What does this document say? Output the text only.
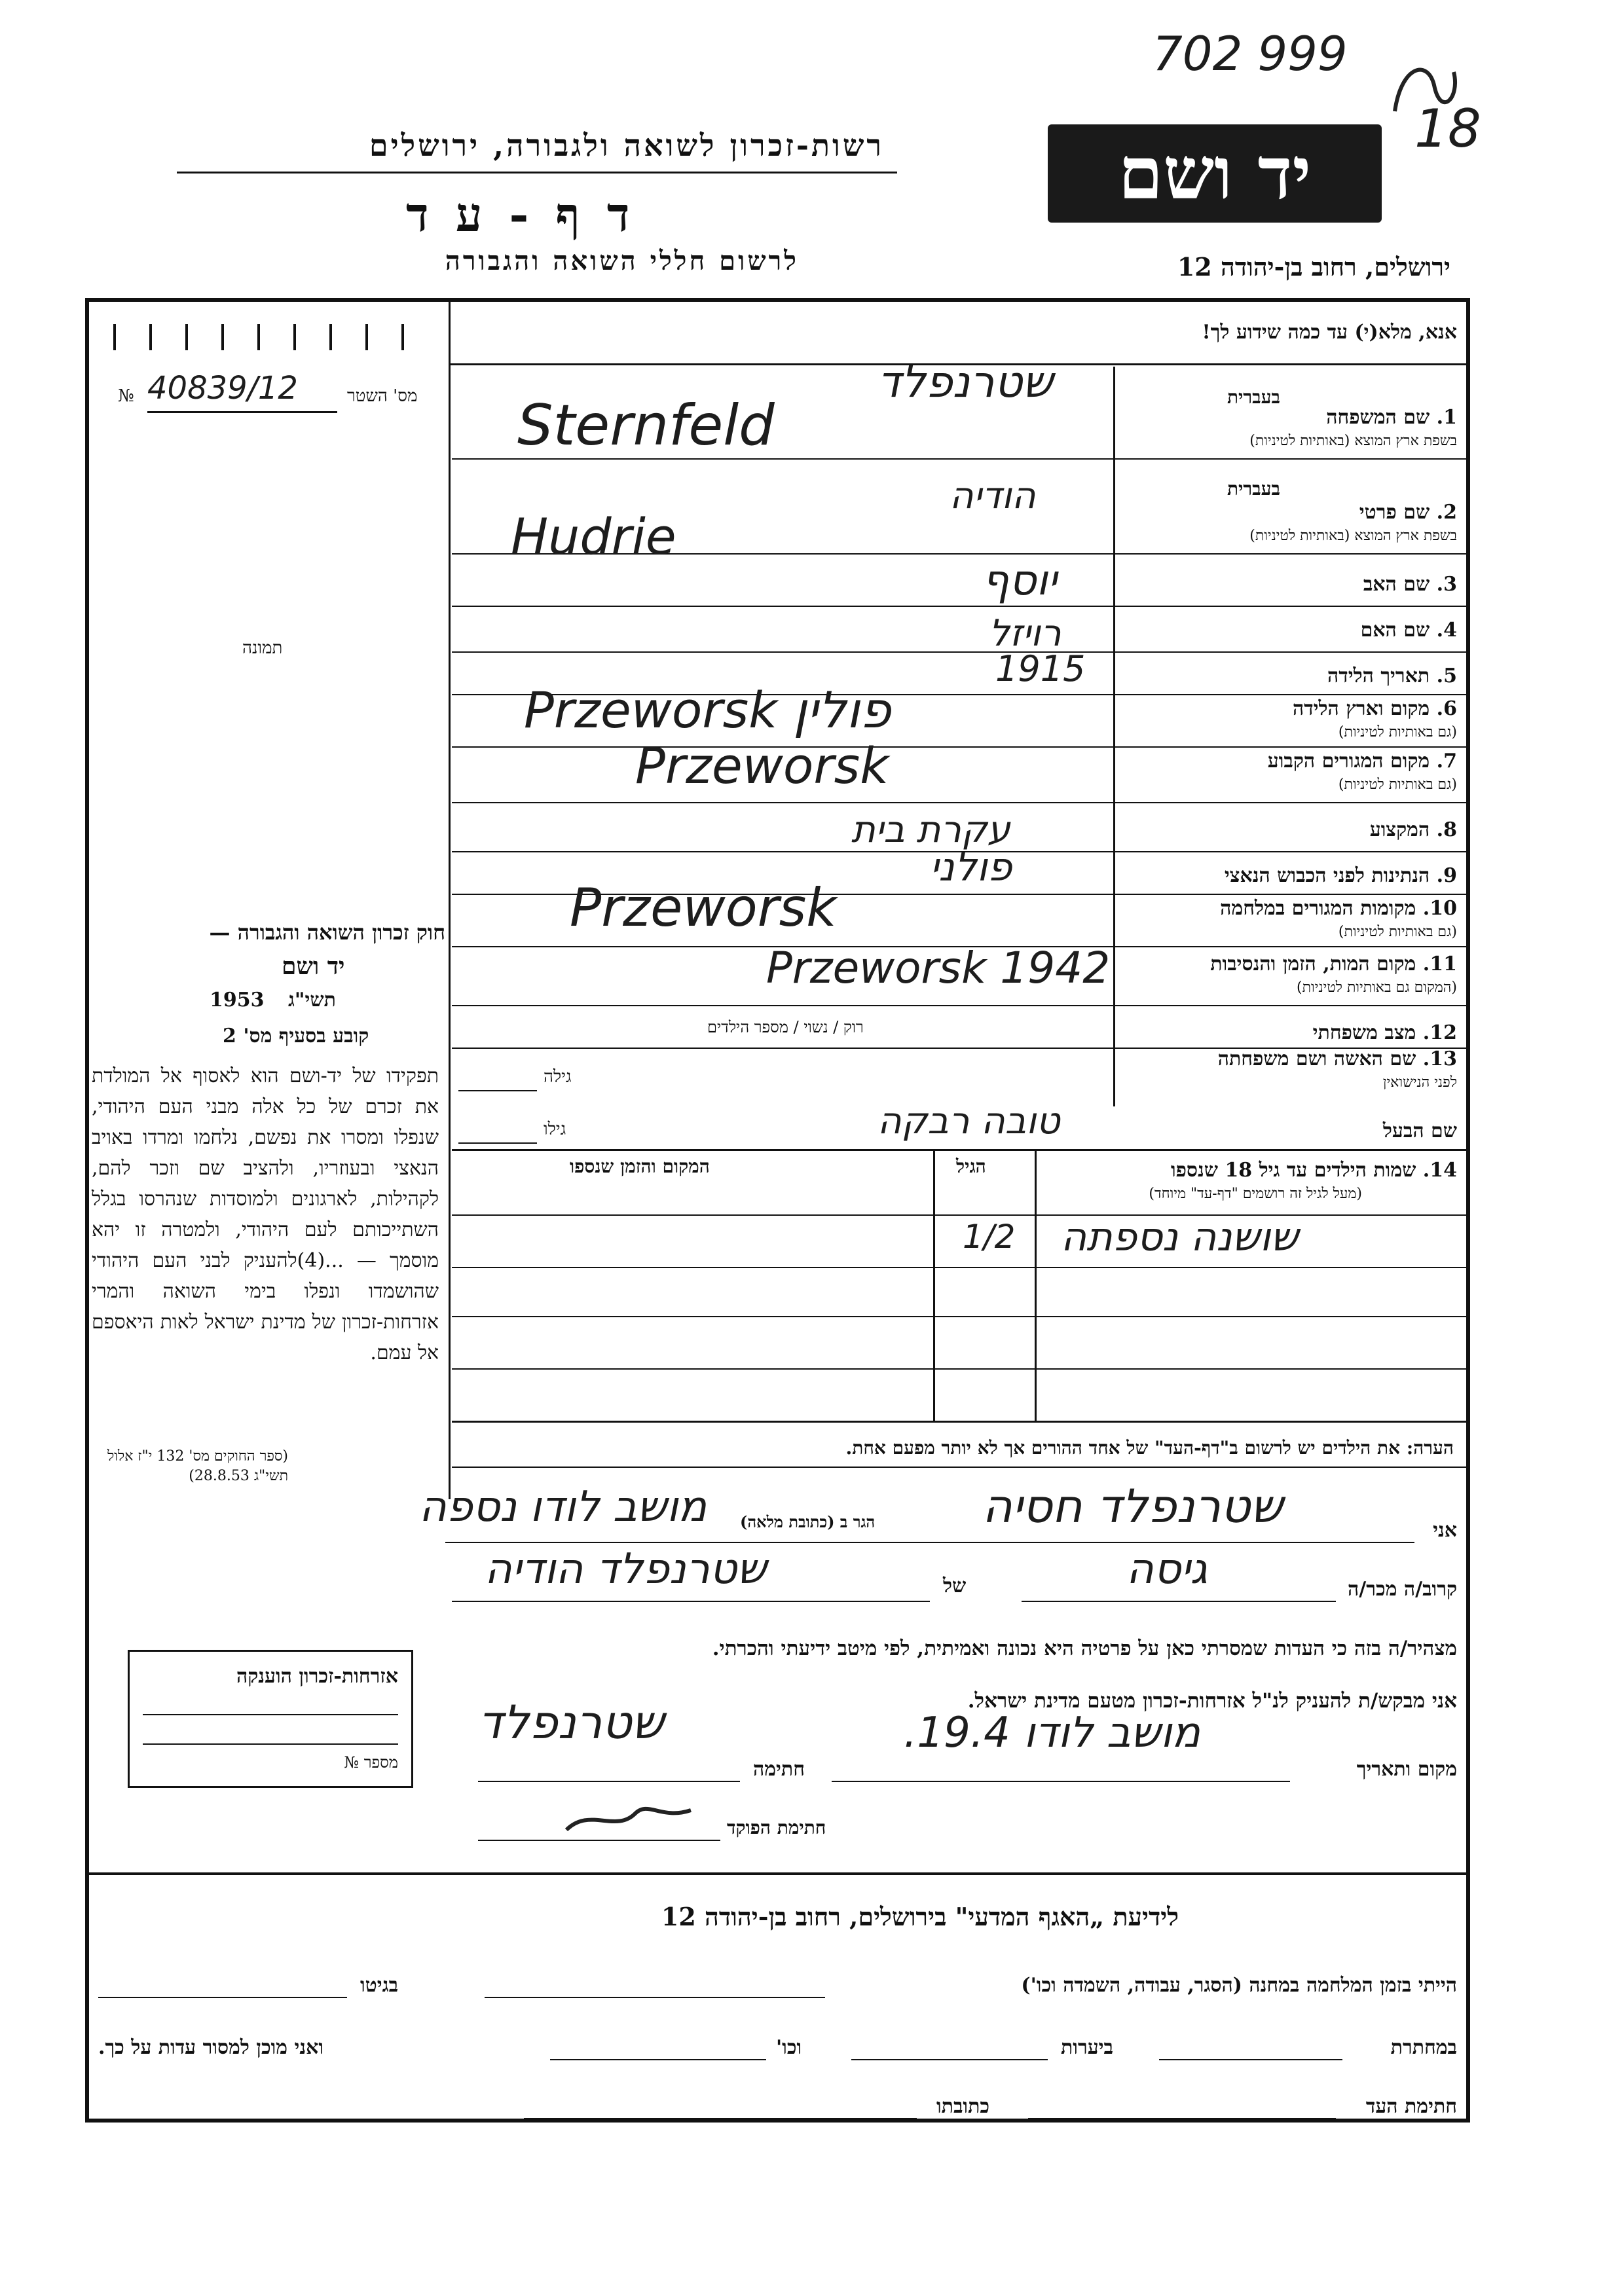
702 999
18
רשות-זכרון לשואה ולגבורה, ירושלים
ד ף - ע ד
לרשום חללי השואה והגבורה
יד ושם
ירושלים, רחוב בן-יהודה 12
№ 40839/12	מס' השטר
תמונה
חוק זכרון השואה והגבורה —
יד ושם
תשי"ג
1953
קובע בסעיף מס' 2
תפקידו של יד-ושם הוא לאסוף אל המולדת את זכרם של כל אלה מבני העם היהודי, שנפלו ומסרו את נפשם, נלחמו ומרדו באויב הנאצי ובעוזריו, ולהציב שם וזכר להם, לקהילות, לארגונים ולמוסדות שנהרסו בגלל השתייכותם לעם היהודי, ולמטרה זו יהא מוסמך — ...(4)להעניק לבני העם היהודי שהושמדו ונפלו בימי השואה והמרי אזרחות-זכרון של מדינת ישראל לאות היאספם אל עמם.
(ספר החוקים מס' 132 י"ז אלול תשי"ג 28.8.53)
אזרחות-זכרון הוענקה
מספר №
אנא, מלא(י) עד כמה שידוע לך!
בעברית
1. שם המשפחה
בשפת ארץ המוצא (באותיות לטיניות)
בעברית
2. שם פרטי
בשפת ארץ המוצא (באותיות לטיניות)
3. שם האב
4. שם האם
5. תאריך הלידה
6. מקום וארץ הלידה
(גם באותיות לטיניות)
7. מקום המגורים הקבוע
(גם באותיות לטיניות)
8. המקצוע
9. הנתינות לפני הכבוש הנאצי
10. מקומות המגורים במלחמה
(גם באותיות לטיניות)
11. מקום המות, הזמן והנסיבות
(המקום גם באותיות לטיניות)
12. מצב משפחתי
רוק / נשוי / מספר הילדים
13. שם האשה ושם משפחתה
לפני הנישואין
גילה
שם הבעל
גילו
שטרנפלד
Sternfeld
הודיה
Hudrie
יוסף
רויזל
1915
Przeworsk פולין
Przeworsk
עקרת בית
פולני
Przeworsk
Przeworsk 1942
טובה רבקה
14. שמות הילדים עד גיל 18 שנספו
(מעל לגיל זה רושמים "דף-עד" מיוחד)
הגיל
המקום והזמן שנספו
שושנה נספתה
1/2
הערה: את הילדים יש לרשום ב"דף-העד" של אחד ההורים אך לא יותר מפעם אחת.
אני
הגר ב (כתובת מלאה) שטרנפלד חסיה
מושב לודו נספה
קרוב/ה מכר/ה
של	גיסה
שטרנפלד הודיה
מצהיר/ה בזה כי העדות שמסרתי כאן על פרטיה היא נכונה ואמיתית, לפי מיטב ידיעתי והכרתי.
אני מבקש/ת להעניק לנ"ל אזרחות-זכרון מטעם מדינת ישראל.
מקום ותאריך
מושב לודו 19.4.
חתימה
שטרנפלד
חתימת הפוקד
לידיעת „האגף המדעי" בירושלים, רחוב בן-יהודה 12
הייתי בזמן המלחמה במחנה (הסגר, עבודה, השמדה וכו')
בגיטו
במחתרת
ביערות
וכו'
ואני מוכן למסור עדות על כך.
חתימת העד
כתובתו
